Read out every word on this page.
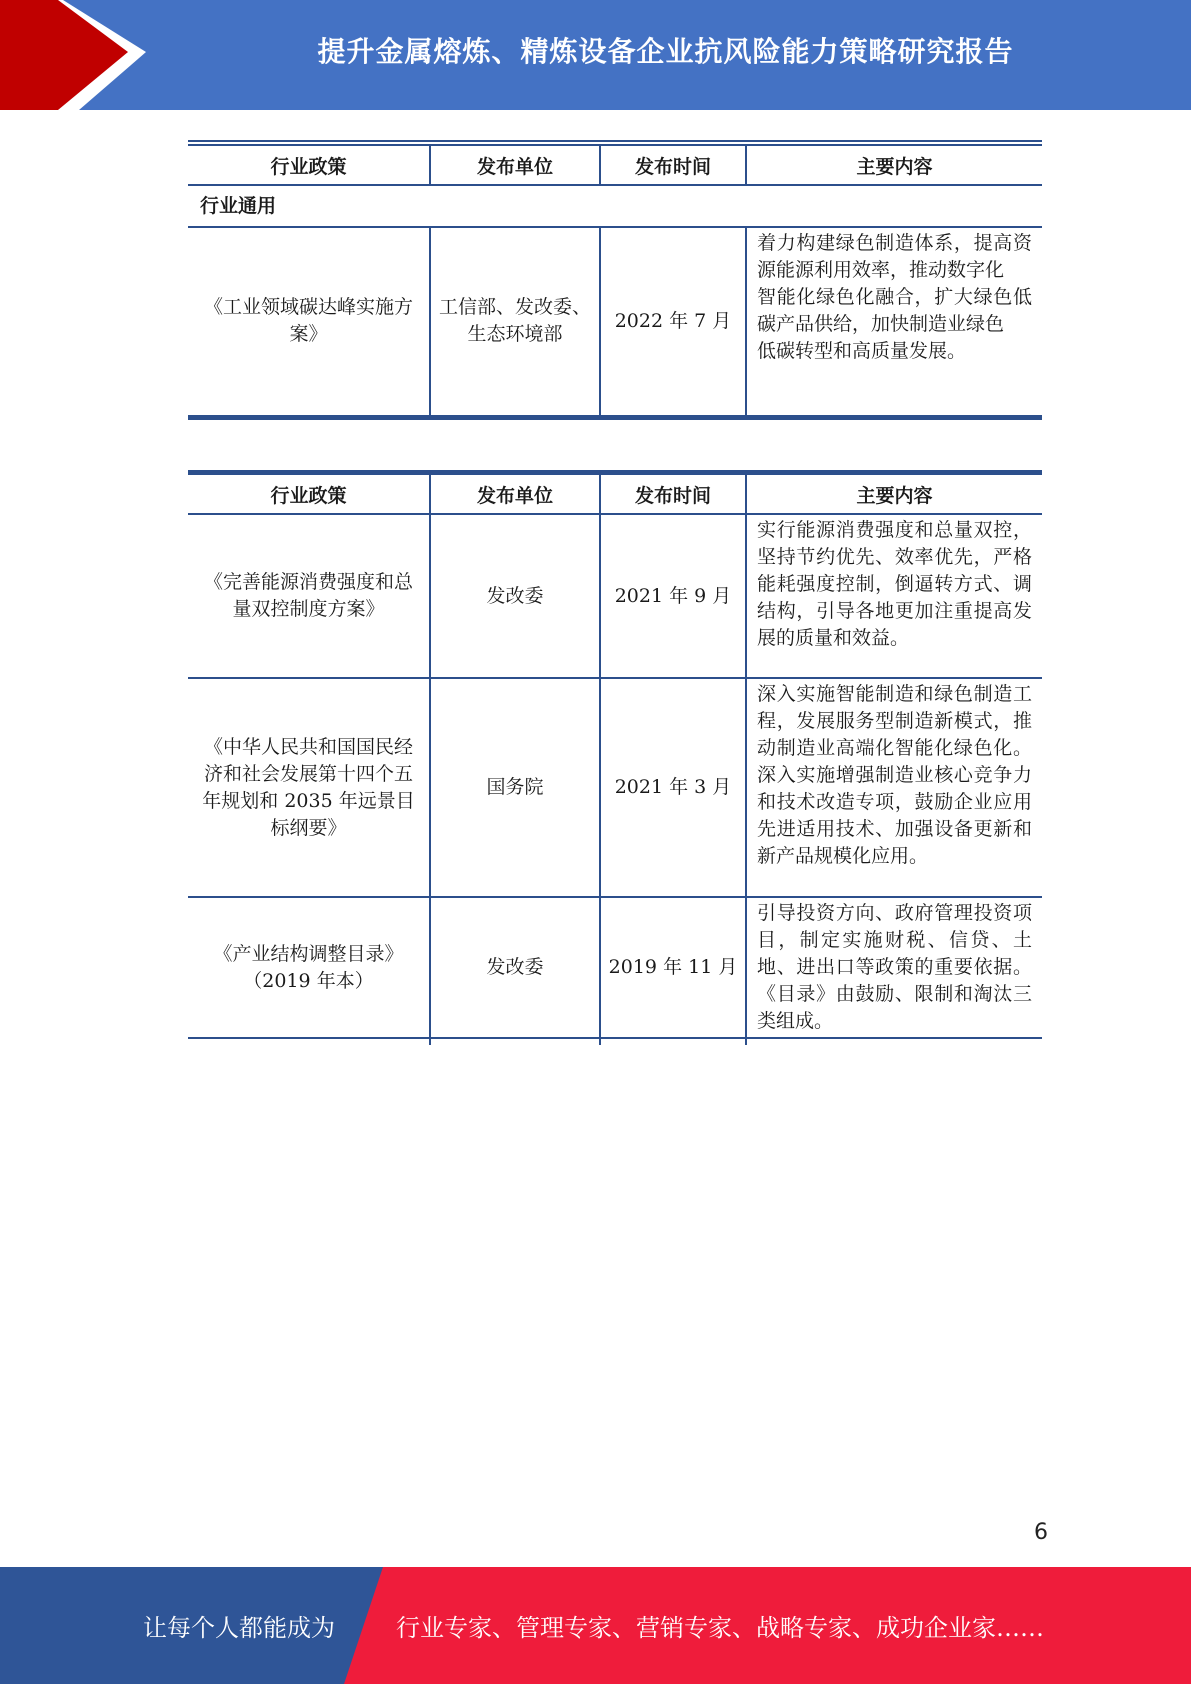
提升金属熔炼、精炼设备企业抗风险能力策略研究报告
行业政策	发布单位	发布时间	主要内容
行业通用			
《工业领域碳达峰实施方案》	工信部、发改委、生态环境部	2022 年 7 月	着力构建绿色制造体系，提高资源能源利用效率，推动数字化
智能化绿色化融合，扩大绿色低碳产品供给，加快制造业绿色
低碳转型和高质量发展。
行业政策	发布单位	发布时间	主要内容
《完善能源消费强度和总量双控制度方案》	发改委	2021 年 9 月	实行能源消费强度和总量双控，坚持节约优先、效率优先，严格能耗强度控制，倒逼转方式、调结构，引导各地更加注重提高发展的质量和效益。
《中华人民共和国国民经济和社会发展第十四个五年规划和 2035 年远景目标纲要》	国务院	2021 年 3 月	深入实施智能制造和绿色制造工程，发展服务型制造新模式，推动制造业高端化智能化绿色化。深入实施增强制造业核心竞争力和技术改造专项，鼓励企业应用先进适用技术、加强设备更新和新产品规模化应用。
《产业结构调整目录》（2019 年本）	发改委	2019 年 11 月	引导投资方向、政府管理投资项目，制定实施财税、信贷、土地、进出口等政策的重要依据。《目录》由鼓励、限制和淘汰三类组成。

6
让每个人都能成为	行业专家、管理专家、营销专家、战略专家、成功企业家……
